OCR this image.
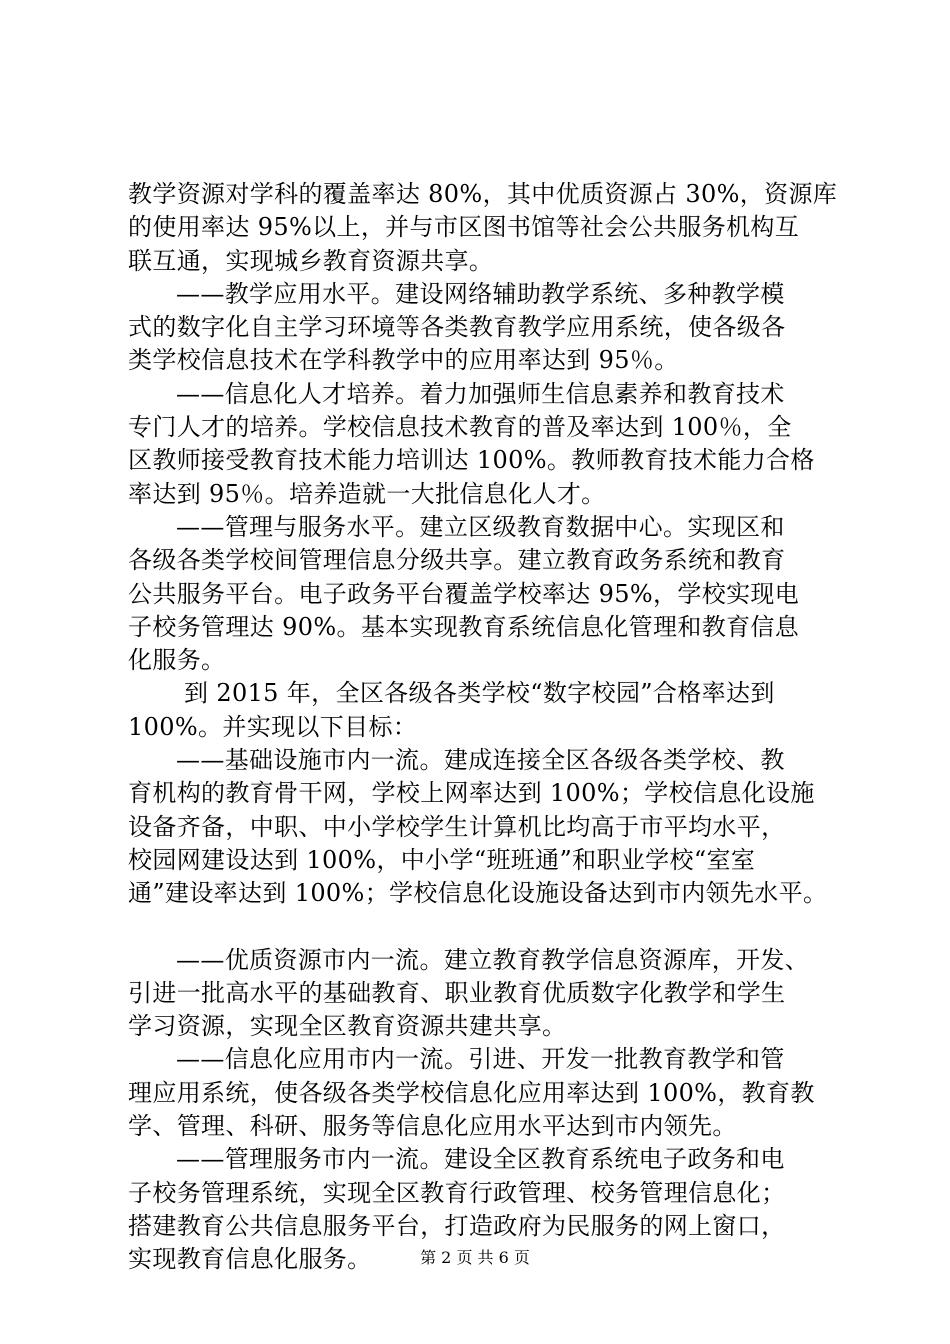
教学资源对学科的覆盖率达 80%，其中优质资源占 30%，资源库
的使用率达 95%以上，并与市区图书馆等社会公共服务机构互
联互通，实现城乡教育资源共享。
——教学应用水平。建设网络辅助教学系统、多种教学模
式的数字化自主学习环境等各类教育教学应用系统，使各级各
类学校信息技术在学科教学中的应用率达到 95％。
——信息化人才培养。着力加强师生信息素养和教育技术
专门人才的培养。学校信息技术教育的普及率达到 100％，全
区教师接受教育技术能力培训达 100%。教师教育技术能力合格
率达到 95％。培养造就一大批信息化人才。
——管理与服务水平。建立区级教育数据中心。实现区和
各级各类学校间管理信息分级共享。建立教育政务系统和教育
公共服务平台。电子政务平台覆盖学校率达 95%，学校实现电
子校务管理达 90%。基本实现教育系统信息化管理和教育信息
化服务。
到 2015 年，全区各级各类学校“数字校园”合格率达到
100%。并实现以下目标：
——基础设施市内一流。建成连接全区各级各类学校、教
育机构的教育骨干网，学校上网率达到 100%；学校信息化设施
设备齐备，中职、中小学校学生计算机比均高于市平均水平，
校园网建设达到 100%，中小学“班班通”和职业学校“室室
通”建设率达到 100%；学校信息化设施设备达到市内领先水平。
——优质资源市内一流。建立教育教学信息资源库，开发、
引进一批高水平的基础教育、职业教育优质数字化教学和学生
学习资源，实现全区教育资源共建共享。
——信息化应用市内一流。引进、开发一批教育教学和管
理应用系统，使各级各类学校信息化应用率达到 100%，教育教
学、管理、科研、服务等信息化应用水平达到市内领先。
——管理服务市内一流。建设全区教育系统电子政务和电
子校务管理系统，实现全区教育行政管理、校务管理信息化；
搭建教育公共信息服务平台，打造政府为民服务的网上窗口，
实现教育信息化服务。	第 2 页 共 6 页
